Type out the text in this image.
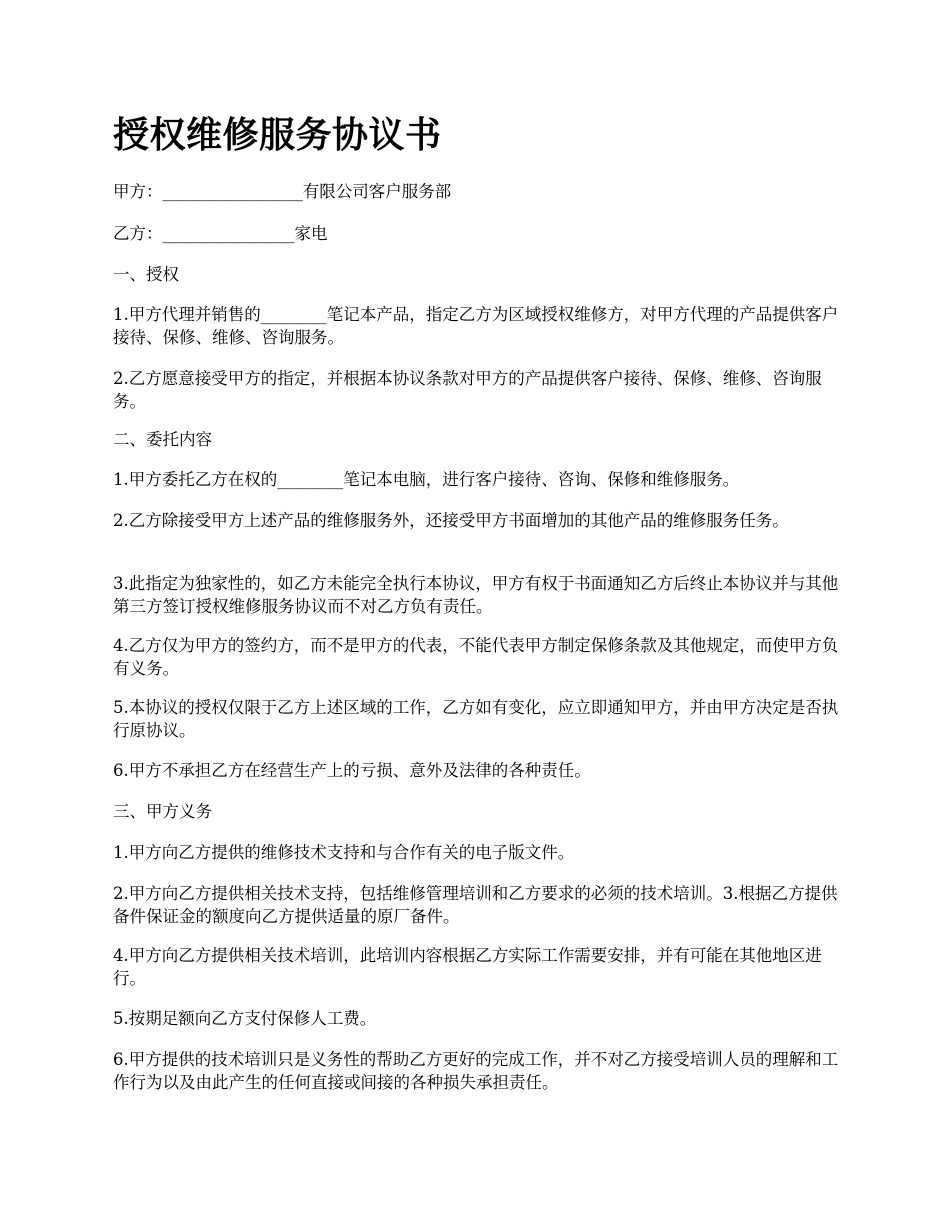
授权维修服务协议书

甲方：_________________有限公司客户服务部

乙方：________________家电

一、授权

1.甲方代理并销售的________笔记本产品，指定乙方为区域授权维修方，对甲方代理的产品提供客户接待、保修、维修、咨询服务。

2.乙方愿意接受甲方的指定，并根据本协议条款对甲方的产品提供客户接待、保修、维修、咨询服务。

二、委托内容

1.甲方委托乙方在权的________笔记本电脑，进行客户接待、咨询、保修和维修服务。

2.乙方除接受甲方上述产品的维修服务外，还接受甲方书面增加的其他产品的维修服务任务。

3.此指定为独家性的，如乙方未能完全执行本协议，甲方有权于书面通知乙方后终止本协议并与其他第三方签订授权维修服务协议而不对乙方负有责任。

4.乙方仅为甲方的签约方，而不是甲方的代表，不能代表甲方制定保修条款及其他规定，而使甲方负有义务。

5.本协议的授权仅限于乙方上述区域的工作，乙方如有变化，应立即通知甲方，并由甲方决定是否执行原协议。

6.甲方不承担乙方在经营生产上的亏损、意外及法律的各种责任。

三、甲方义务

1.甲方向乙方提供的维修技术支持和与合作有关的电子版文件。

2.甲方向乙方提供相关技术支持，包括维修管理培训和乙方要求的必须的技术培训。3.根据乙方提供备件保证金的额度向乙方提供适量的原厂备件。

4.甲方向乙方提供相关技术培训，此培训内容根据乙方实际工作需要安排，并有可能在其他地区进行。

5.按期足额向乙方支付保修人工费。

6.甲方提供的技术培训只是义务性的帮助乙方更好的完成工作，并不对乙方接受培训人员的理解和工作行为以及由此产生的任何直接或间接的各种损失承担责任。
